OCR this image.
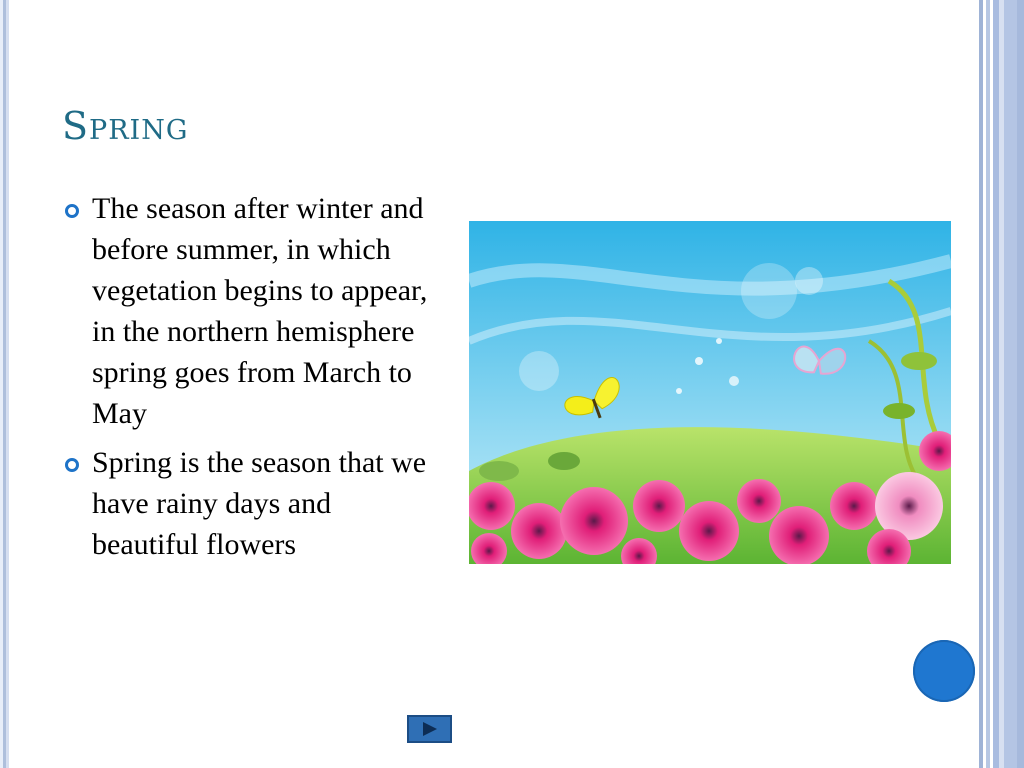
Spring
The season after winter and before summer, in which vegetation begins to appear, in the northern hemisphere spring goes from March to May
Spring is the season that we have rainy days and beautiful flowers
